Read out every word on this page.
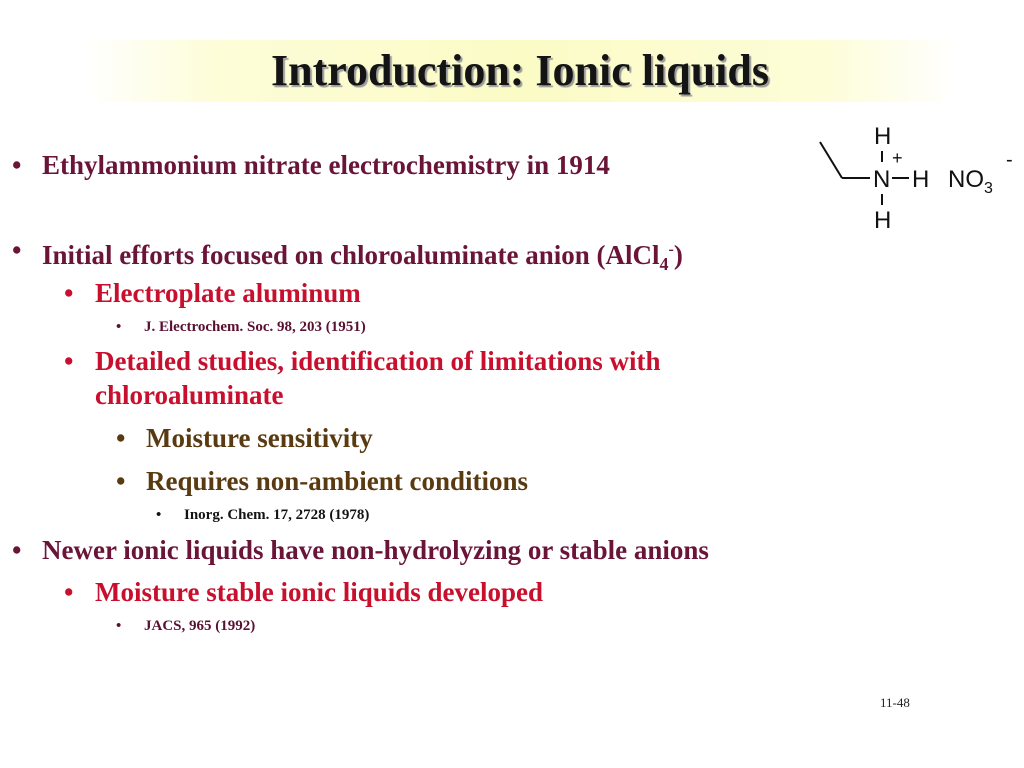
Introduction: Ionic liquids
• Ethylammonium nitrate electrochemistry in 1914
H
+
N H
H
$NO_3$
-
• Initial efforts focused on chloroaluminate anion (AlCl$_4$-)
• Electroplate aluminum
• J. Electrochem. Soc. 98, 203 (1951)
• Detailed studies, identification of limitations with
chloroaluminate
• Moisture sensitivity
• Requires non-ambient conditions
• Inorg. Chem. 17, 2728 (1978)
• Newer ionic liquids have non-hydrolyzing or stable anions
• Moisture stable ionic liquids developed
• JACS, 965 (1992)
11-48
